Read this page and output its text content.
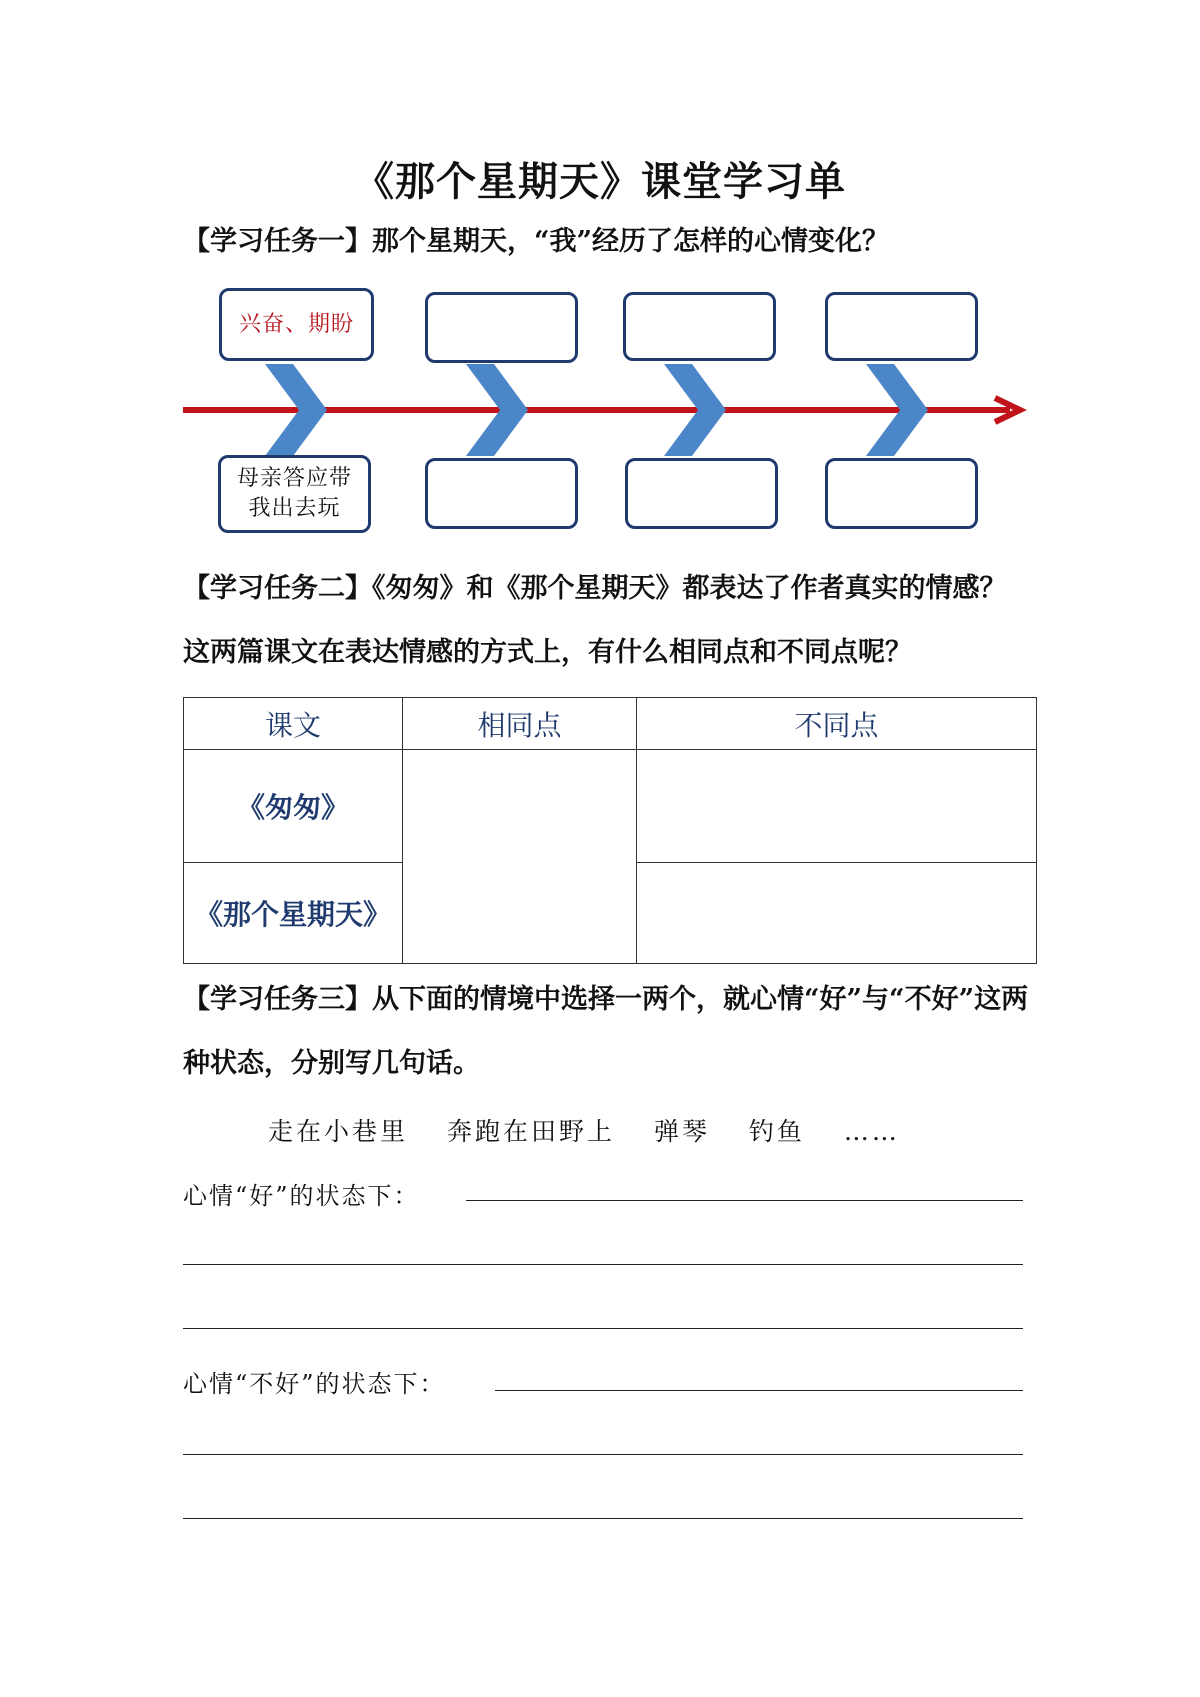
《那个星期天》课堂学习单
【学习任务一】那个星期天，“我”经历了怎样的心情变化？
兴奋、期盼
母亲答应带我出去玩
【学习任务二】《匆匆》和《那个星期天》都表达了作者真实的情感？这两篇课文在表达情感的方式上，有什么相同点和不同点呢？
课文	相同点	不同点
《匆匆》		
《那个星期天》		
【学习任务三】从下面的情境中选择一两个，就心情“好”与“不好”这两种状态，分别写几句话。
走在小巷里 奔跑在田野上 弹琴 钓鱼 ……
心情“好”的状态下：
心情“不好”的状态下：
